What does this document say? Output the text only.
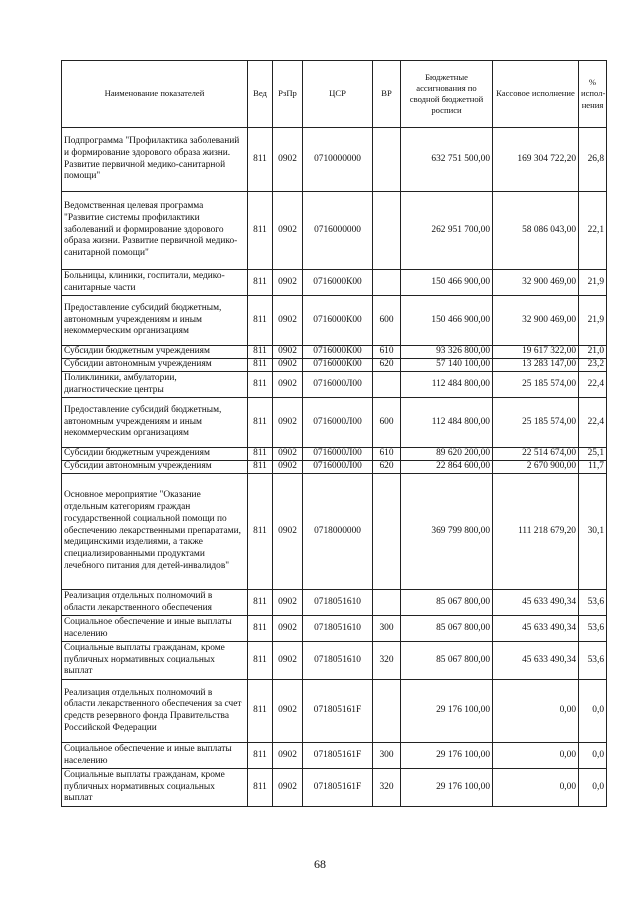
Наименование показателей	Вед	РзПр	ЦСР	ВР	Бюджетные ассигнования по сводной бюджетной росписи	Кассовое исполнение	% испол-нения
Подпрограмма "Профилактика заболеваний и формирование здорового образа жизни. Развитие первичной медико-санитарной помощи"	811	0902	0710000000		632 751 500,00	169 304 722,20	26,8
Ведомственная целевая программа "Развитие системы профилактики заболеваний и формирование здорового образа жизни. Развитие первичной медико-санитарной помощи"	811	0902	0716000000		262 951 700,00	58 086 043,00	22,1
Больницы, клиники, госпитали, медико-санитарные части	811	0902	0716000К00		150 466 900,00	32 900 469,00	21,9
Предоставление субсидий бюджетным, автономным учреждениям и иным некоммерческим организациям	811	0902	0716000К00	600	150 466 900,00	32 900 469,00	21,9
Субсидии бюджетным учреждениям	811	0902	0716000К00	610	93 326 800,00	19 617 322,00	21,0
Субсидии автономным учреждениям	811	0902	0716000К00	620	57 140 100,00	13 283 147,00	23,2
Поликлиники, амбулатории, диагностические центры	811	0902	0716000Л00		112 484 800,00	25 185 574,00	22,4
Предоставление субсидий бюджетным, автономным учреждениям и иным некоммерческим организациям	811	0902	0716000Л00	600	112 484 800,00	25 185 574,00	22,4
Субсидии бюджетным учреждениям	811	0902	0716000Л00	610	89 620 200,00	22 514 674,00	25,1
Субсидии автономным учреждениям	811	0902	0716000Л00	620	22 864 600,00	2 670 900,00	11,7
Основное мероприятие "Оказание отдельным категориям граждан государственной социальной помощи по обеспечению лекарственными препаратами, медицинскими изделиями, а также специализированными продуктами лечебного питания для детей-инвалидов"	811	0902	0718000000		369 799 800,00	111 218 679,20	30,1
Реализация отдельных полномочий в области лекарственного обеспечения	811	0902	0718051610		85 067 800,00	45 633 490,34	53,6
Социальное обеспечение и иные выплаты населению	811	0902	0718051610	300	85 067 800,00	45 633 490,34	53,6
Социальные выплаты гражданам, кроме публичных нормативных социальных выплат	811	0902	0718051610	320	85 067 800,00	45 633 490,34	53,6
Реализация отдельных полномочий в области лекарственного обеспечения за счет средств резервного фонда Правительства Российской Федерации	811	0902	071805161F		29 176 100,00	0,00	0,0
Социальное обеспечение и иные выплаты населению	811	0902	071805161F	300	29 176 100,00	0,00	0,0
Социальные выплаты гражданам, кроме публичных нормативных социальных выплат	811	0902	071805161F	320	29 176 100,00	0,00	0,0
68
